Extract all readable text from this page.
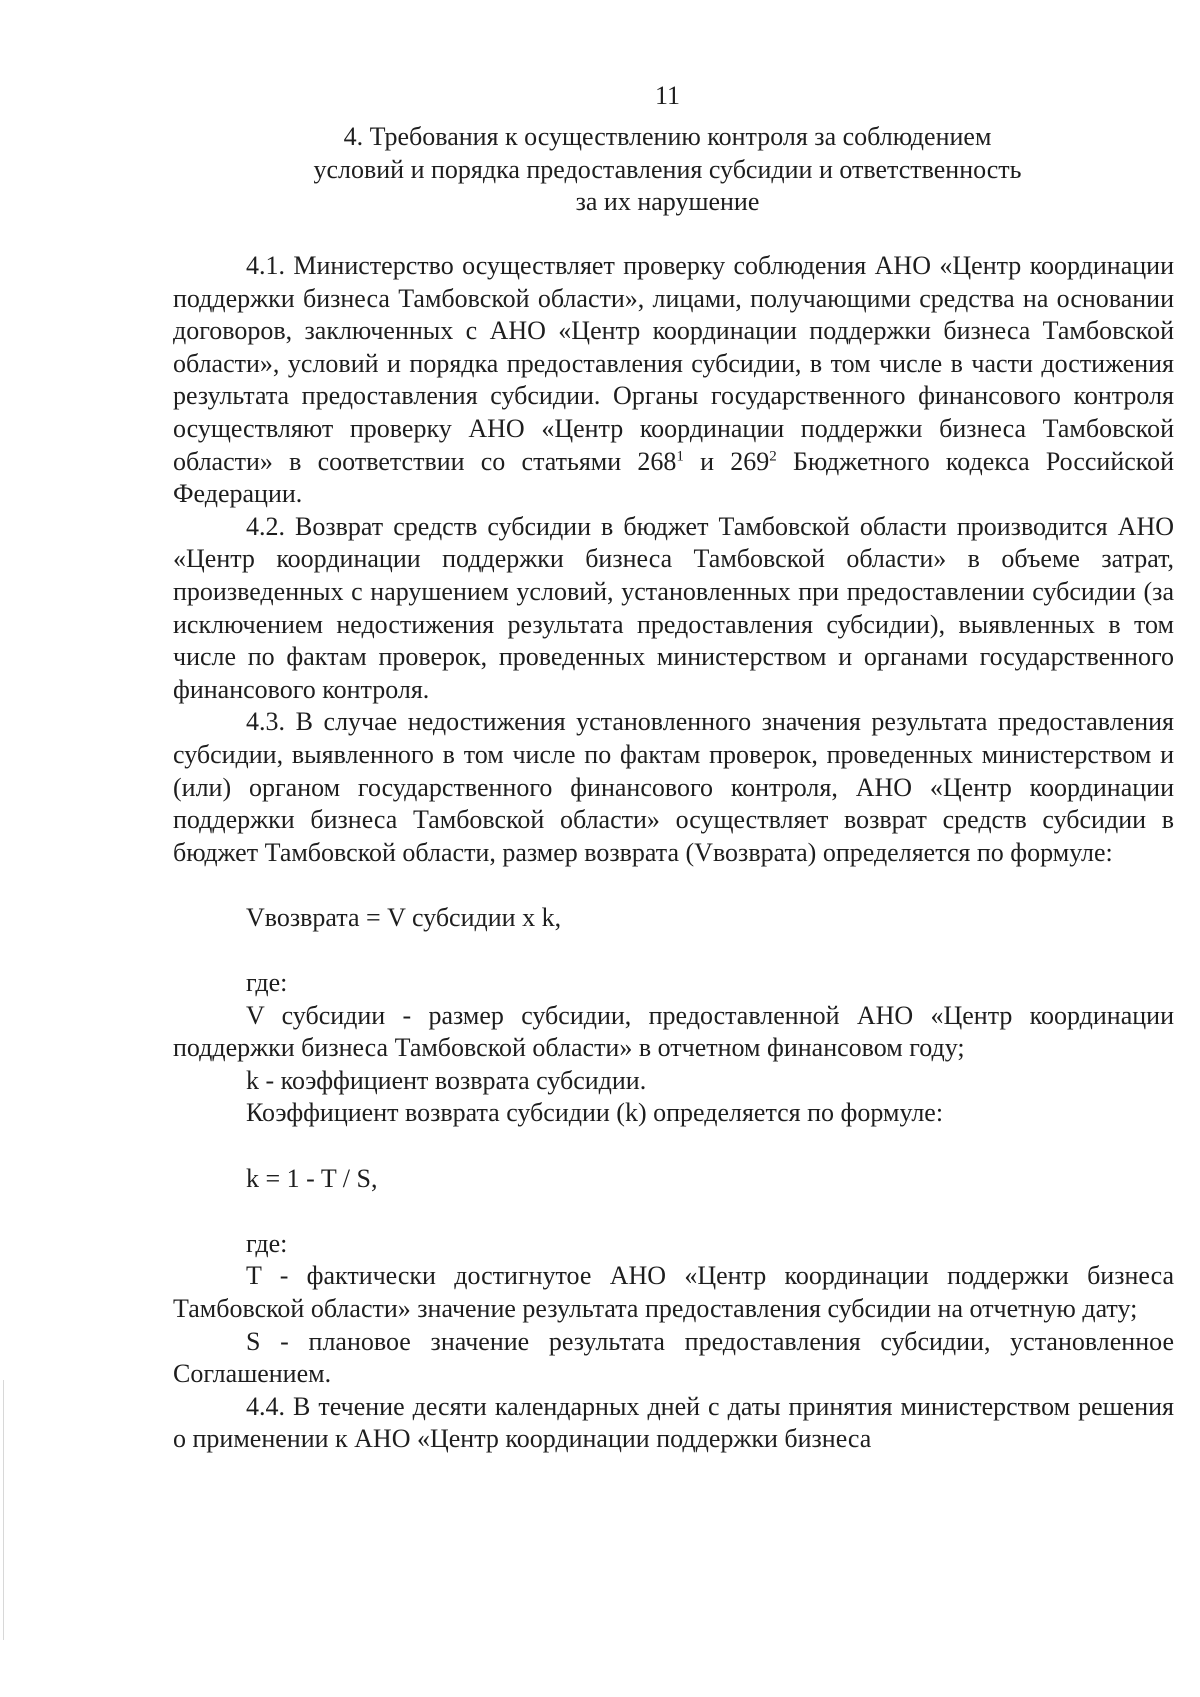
11
4. Требования к осуществлению контроля за соблюдением
условий и порядка предоставления субсидии и ответственность
за их нарушение

4.1. Министерство осуществляет проверку соблюдения АНО «Центр координации поддержки бизнеса Тамбовской области», лицами, получающими средства на основании договоров, заключенных с АНО «Центр координации поддержки бизнеса Тамбовской области», условий и порядка предоставления субсидии, в том числе в части достижения результата предоставления субсидии. Органы государственного финансового контроля осуществляют проверку АНО «Центр координации поддержки бизнеса Тамбовской области» в соответствии со статьями $268^1$ и $269^2$ Бюджетного кодекса Российской Федерации.

4.2. Возврат средств субсидии в бюджет Тамбовской области производится АНО «Центр координации поддержки бизнеса Тамбовской области» в объеме затрат, произведенных с нарушением условий, установленных при предоставлении субсидии (за исключением недостижения результата предоставления субсидии), выявленных в том числе по фактам проверок, проведенных министерством и органами государственного финансового контроля.

4.3. В случае недостижения установленного значения результата предоставления субсидии, выявленного в том числе по фактам проверок, проведенных министерством и (или) органом государственного финансового контроля, АНО «Центр координации поддержки бизнеса Тамбовской области» осуществляет возврат средств субсидии в бюджет Тамбовской области, размер возврата (Vвозврата) определяется по формуле:

Vвозврата = V субсидии x k,

где:

V субсидии - размер субсидии, предоставленной АНО «Центр координации поддержки бизнеса Тамбовской области» в отчетном финансовом году;

k - коэффициент возврата субсидии.

Коэффициент возврата субсидии (k) определяется по формуле:

k = 1 - T / S,

где:

T - фактически достигнутое АНО «Центр координации поддержки бизнеса Тамбовской области» значение результата предоставления субсидии на отчетную дату;

S - плановое значение результата предоставления субсидии, установленное Соглашением.

4.4. В течение десяти календарных дней с даты принятия министерством решения о применении к АНО «Центр координации поддержки бизнеса
